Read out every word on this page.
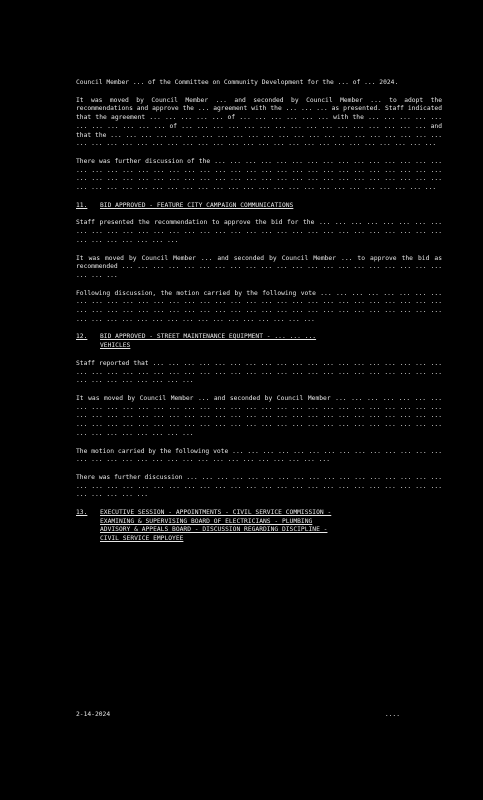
Council Member ... of the Committee on Community Development for the ... of ... 2024.

It was moved by Council Member ... and seconded by Council Member ... to adopt the recommendations and approve the ... agreement with the ... ... ... as presented. Staff indicated that the agreement ... ... ... ... ... of ... ... ... ... ... ... with the ... ... ... ... ... ... ... ... ... ... ... of ... ... ... ... ... ... ... ... ... ... ... ... ... ... ... ... and that the ... ... ... ... ... ... ... ... ... ... ... ... ... ... ... ... ... ... ... ... ... ... ... ... ... ... ... ... ... ... ... ... ... ... ... ... ... ... ... ... ... ... ... ... ... ...

There was further discussion of the ... ... ... ... ... ... ... ... ... ... ... ... ... ... ... ... ... ... ... ... ... ... ... ... ... ... ... ... ... ... ... ... ... ... ... ... ... ... ... ... ... ... ... ... ... ... ... ... ... ... ... ... ... ... ... ... ... ... ... ... ... ... ... ... ... ... ... ... ... ... ... ... ... ... ... ... ... ... ... ... ... ... ... ... ... ... ...

11.	BID APPROVED - FEATURE CITY CAMPAIGN COMMUNICATIONS

Staff presented the recommendation to approve the bid for the ... ... ... ... ... ... ... ... ... ... ... ... ... ... ... ... ... ... ... ... ... ... ... ... ... ... ... ... ... ... ... ... ... ... ... ... ... ... ...

It was moved by Council Member ... and seconded by Council Member ... to approve the bid as recommended ... ... ... ... ... ... ... ... ... ... ... ... ... ... ... ... ... ... ... ... ... ... ... ...

Following discussion, the motion carried by the following vote ... ... ... ... ... ... ... ... ... ... ... ... ... ... ... ... ... ... ... ... ... ... ... ... ... ... ... ... ... ... ... ... ... ... ... ... ... ... ... ... ... ... ... ... ... ... ... ... ... ... ... ... ... ... ... ... ... ... ... ... ... ... ... ... ... ... ... ... ... ... ... ...

12.	BID APPROVED - STREET MAINTENANCE EQUIPMENT - ... ... ...
VEHICLES

Staff reported that ... ... ... ... ... ... ... ... ... ... ... ... ... ... ... ... ... ... ... ... ... ... ... ... ... ... ... ... ... ... ... ... ... ... ... ... ... ... ... ... ... ... ... ... ... ... ... ... ... ... ...

It was moved by Council Member ... and seconded by Council Member ... ... ... ... ... ... ... ... ... ... ... ... ... ... ... ... ... ... ... ... ... ... ... ... ... ... ... ... ... ... ... ... ... ... ... ... ... ... ... ... ... ... ... ... ... ... ... ... ... ... ... ... ... ... ... ... ... ... ... ... ... ... ... ... ... ... ... ... ... ... ... ... ... ... ... ... ... ... ... ... ... ... ... ... ... ... ...

The motion carried by the following vote ... ... ... ... ... ... ... ... ... ... ... ... ... ... ... ... ... ... ... ... ... ... ... ... ... ... ... ... ... ... ...

There was further discussion ... ... ... ... ... ... ... ... ... ... ... ... ... ... ... ... ... ... ... ... ... ... ... ... ... ... ... ... ... ... ... ... ... ... ... ... ... ... ... ... ... ... ... ... ... ...

13.	EXECUTIVE SESSION - APPOINTMENTS - CIVIL SERVICE COMMISSION -
EXAMINING & SUPERVISING BOARD OF ELECTRICIANS - PLUMBING
ADVISORY & APPEALS BOARD - DISCUSSION REGARDING DISCIPLINE -
CIVIL SERVICE EMPLOYEE
2-14-2024	....
